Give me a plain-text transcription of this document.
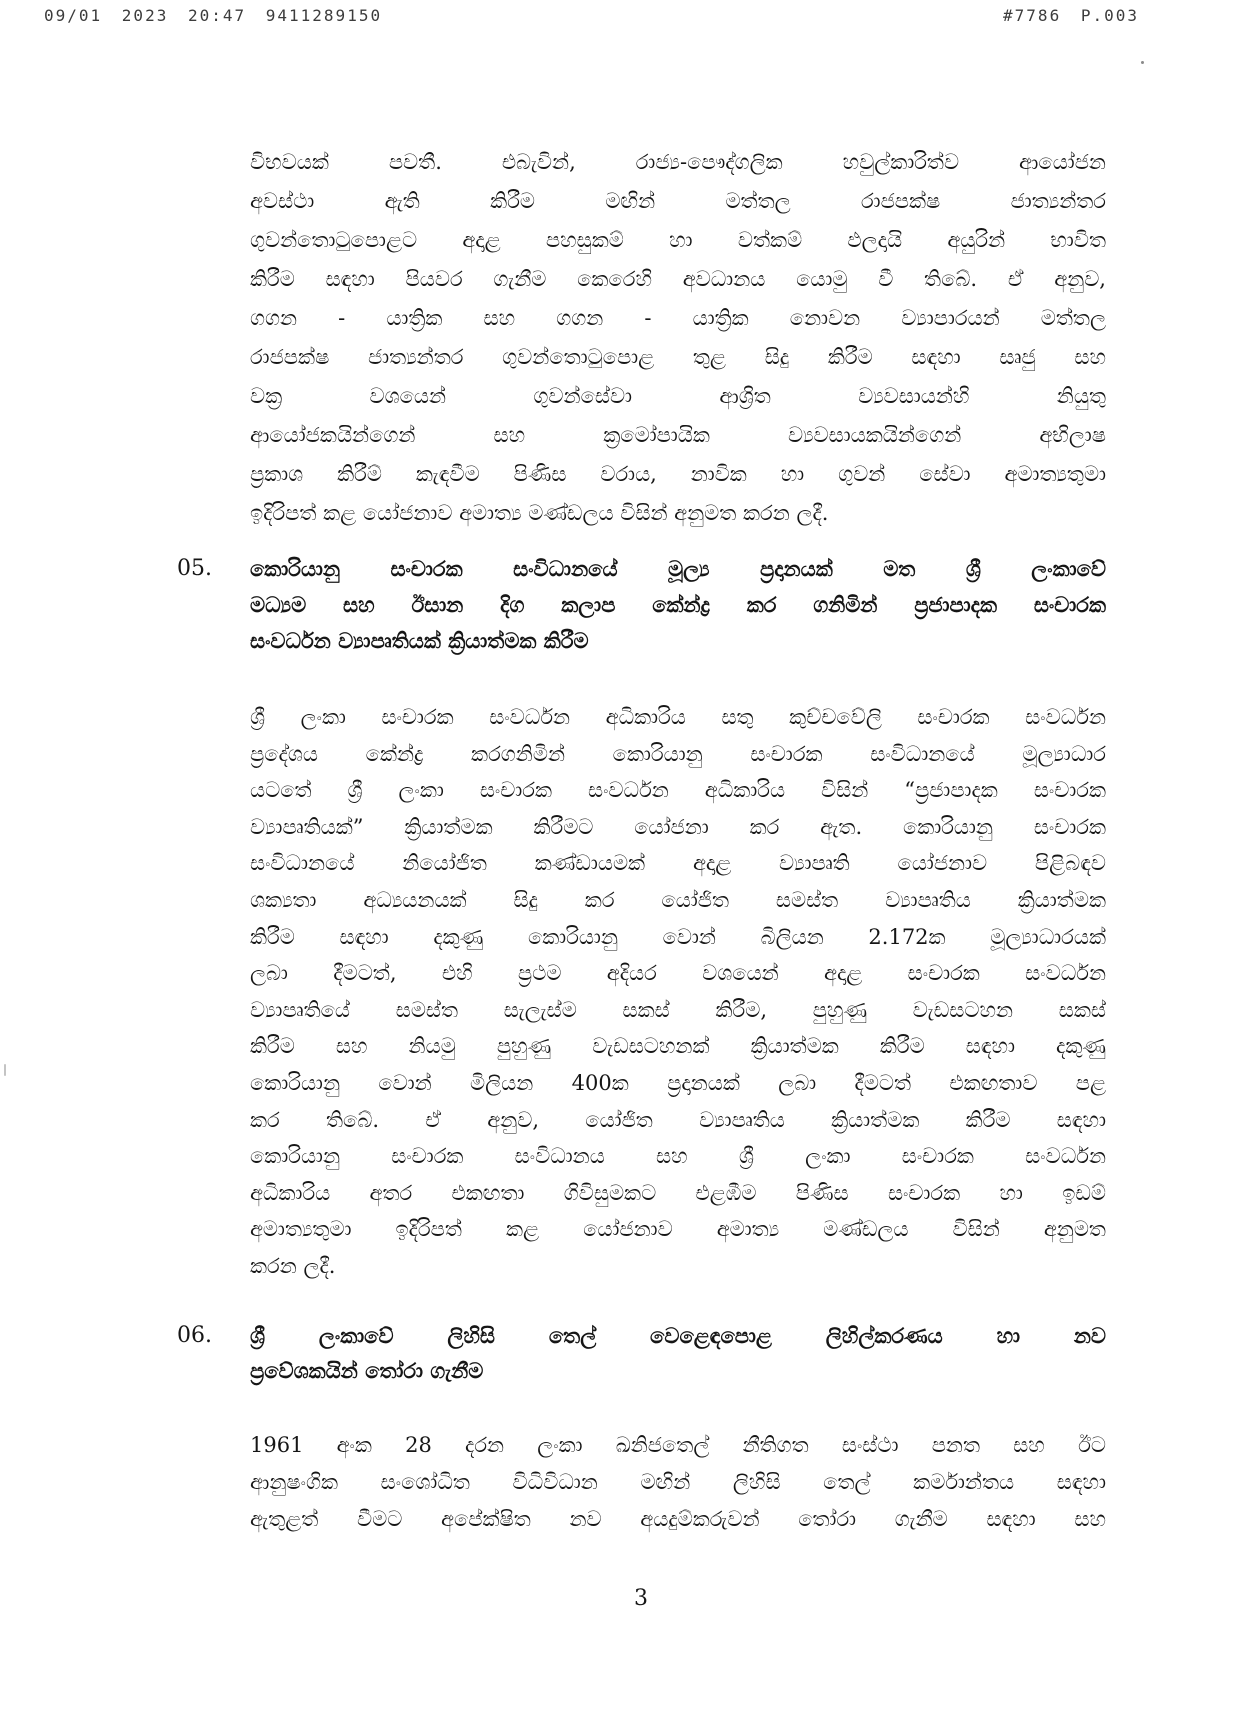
09/01 2023 20:47 9411289150	#7786 P.003
විභවයක් පවතී. එබැවින්, රාජ්‍ය-පෞද්ගලික හවුල්කාරිත්ව ආයෝජන
අවස්ථා ඇති කිරීම මඟින් මත්තල රාජපක්ෂ ජාත්‍යන්තර
ගුවන්තොටුපොළට අදාළ පහසුකම් හා වත්කම් ඵලදායි අයුරින් භාවිත
කිරීම සඳහා පියවර ගැනීම කෙරෙහි අවධානය යොමු වී තිබේ. ඒ අනුව,
ගගන - යාත්‍රික සහ ගගන - යාත්‍රික නොවන ව්‍යාපාරයන් මත්තල
රාජපක්ෂ ජාත්‍යන්තර ගුවන්තොටුපොළ තුළ සිදු කිරීම සඳහා සෘජු සහ
වක්‍ර වශයෙන් ගුවන්සේවා ආශ්‍රිත ව්‍යවසායන්හි නියුතු
ආයෝජකයින්ගෙන් සහ ක්‍රමෝපායික ව්‍යවසායකයින්ගෙන් අභිලාෂ
ප්‍රකාශ කිරීම් කැඳවීම පිණිස වරාය, නාවික හා ගුවන් සේවා අමාත්‍යතුමා
ඉදිරිපත් කළ යෝජනාව අමාත්‍ය මණ්ඩලය විසින් අනුමත කරන ලදී.
05. කොරියානු සංචාරක සංවිධානයේ මූල්‍ය ප්‍රදානයක් මත ශ්‍රී ලංකාවේ
මධ්‍යම සහ ඊසාන දිග කලාප කේන්ද්‍ර කර ගනිමින් ප්‍රජාපාදක සංචාරක
සංවර්ධන ව්‍යාපෘතියක් ක්‍රියාත්මක කිරීම
ශ්‍රී ලංකා සංචාරක සංවර්ධන අධිකාරිය සතු කුච්චවේලි සංචාරක සංවර්ධන
ප්‍රදේශය කේන්ද්‍ර කරගනිමින් කොරියානු සංචාරක සංවිධානයේ මූල්‍යාධාර
යටතේ ශ්‍රී ලංකා සංචාරක සංවර්ධන අධිකාරිය විසින් “ප්‍රජාපාදක සංචාරක
ව්‍යාපෘතියක්” ක්‍රියාත්මක කිරීමට යෝජනා කර ඇත. කොරියානු සංචාරක
සංවිධානයේ නියෝජිත කණ්ඩායමක් අදාළ ව්‍යාපෘති යෝජනාව පිළිබඳව
ශක්‍යතා අධ්‍යයනයක් සිදු කර යෝජිත සමස්ත ව්‍යාපෘතිය ක්‍රියාත්මක
කිරීම සඳහා දකුණු කොරියානු වොන් බිලියන 2.172ක මූල්‍යාධාරයක්
ලබා දීමටත්, එහි ප්‍රථම අදියර වශයෙන් අදාළ සංචාරක සංවර්ධන
ව්‍යාපෘතියේ සමස්ත සැලැස්ම සකස් කිරීම, පුහුණු වැඩසටහන සකස්
කිරීම සහ නියමු පුහුණු වැඩසටහනක් ක්‍රියාත්මක කිරීම සඳහා දකුණු
කොරියානු වොන් මිලියන 400ක ප්‍රදානයක් ලබා දීමටත් එකඟතාව පළ
කර තිබේ. ඒ අනුව, යෝජිත ව්‍යාපෘතිය ක්‍රියාත්මක කිරීම සඳහා
කොරියානු සංචාරක සංවිධානය සහ ශ්‍රී ලංකා සංචාරක සංවර්ධන
අධිකාරිය අතර එකඟතා ගිවිසුමකට එළඹීම පිණිස සංචාරක හා ඉඩම්
අමාත්‍යතුමා ඉදිරිපත් කළ යෝජනාව අමාත්‍ය මණ්ඩලය විසින් අනුමත
කරන ලදී.
06. ශ්‍රී ලංකාවේ ලිහිසි තෙල් වෙළෙඳපොළ ලිහිල්කරණය හා නව
ප්‍රවේශකයින් තෝරා ගැනීම
1961 අංක 28 දරන ලංකා ඛනිජතෙල් නීතිගත සංස්ථා පනත සහ ඊට
ආනුෂංගික සංශෝධිත විධිවිධාන මඟින් ලිහිසි තෙල් කර්මාන්තය සඳහා
ඇතුළත් වීමට අපේක්ෂිත නව අයදුම්කරුවන් තෝරා ගැනීම සඳහා සහ
3
